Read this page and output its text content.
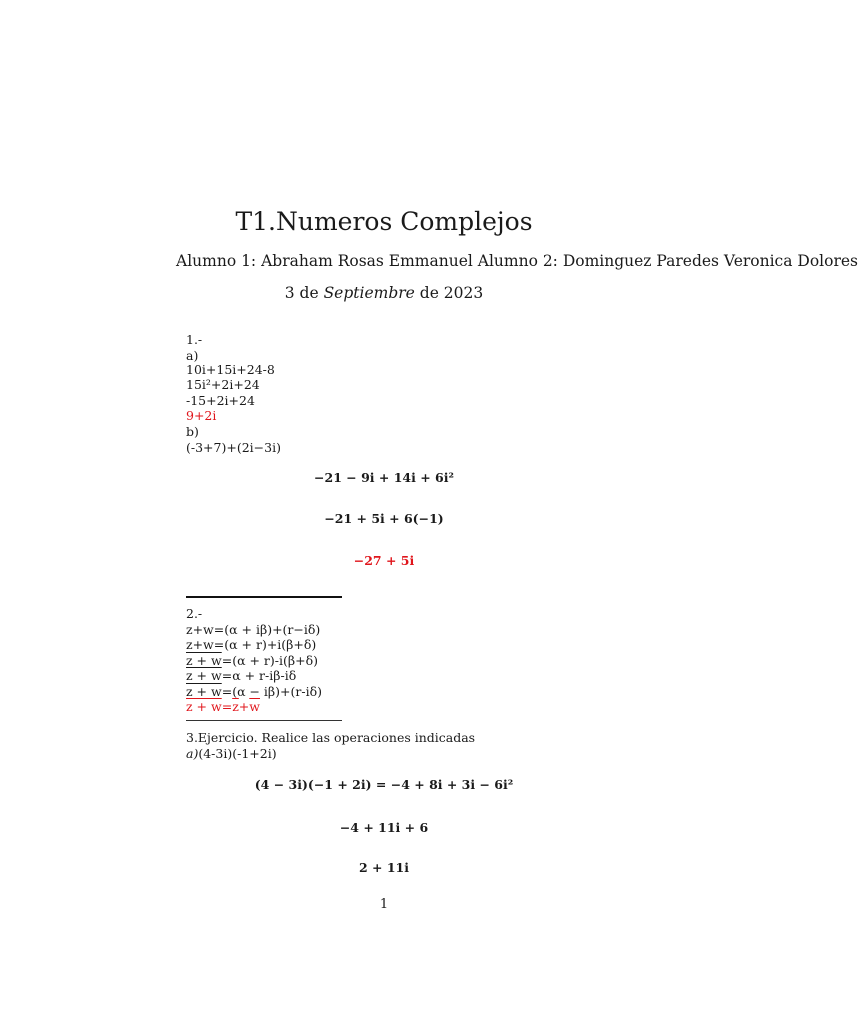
T1.Numeros Complejos
Alumno 1: Abraham Rosas Emmanuel Alumno 2: Dominguez Paredes Veronica Dolores
3 de Septiembre de 2023
1.-
a)
10i+15i+24-8
15i²+2i+24
-15+2i+24
9+2i
b)
(-3+7)+(2i−3i)
−21 − 9i + 14i + 6i²
−21 + 5i + 6(−1)
−27 + 5i
2.-
z+w=(α + iβ)+(r−iδ)
z+w=(α + r)+i(β+δ)
z + w=(α + r)-i(β+δ)
z + w=α + r-iβ-iδ
z + w=(α − iβ)+(r-iδ)
$z + w=\overline{z}+\overline{w}$
3.Ejercicio. Realice las operaciones indicadas
a)(4-3i)(-1+2i)
(4 − 3i)(−1 + 2i) = −4 + 8i + 3i − 6i²
−4 + 11i + 6
2 + 11i
1
